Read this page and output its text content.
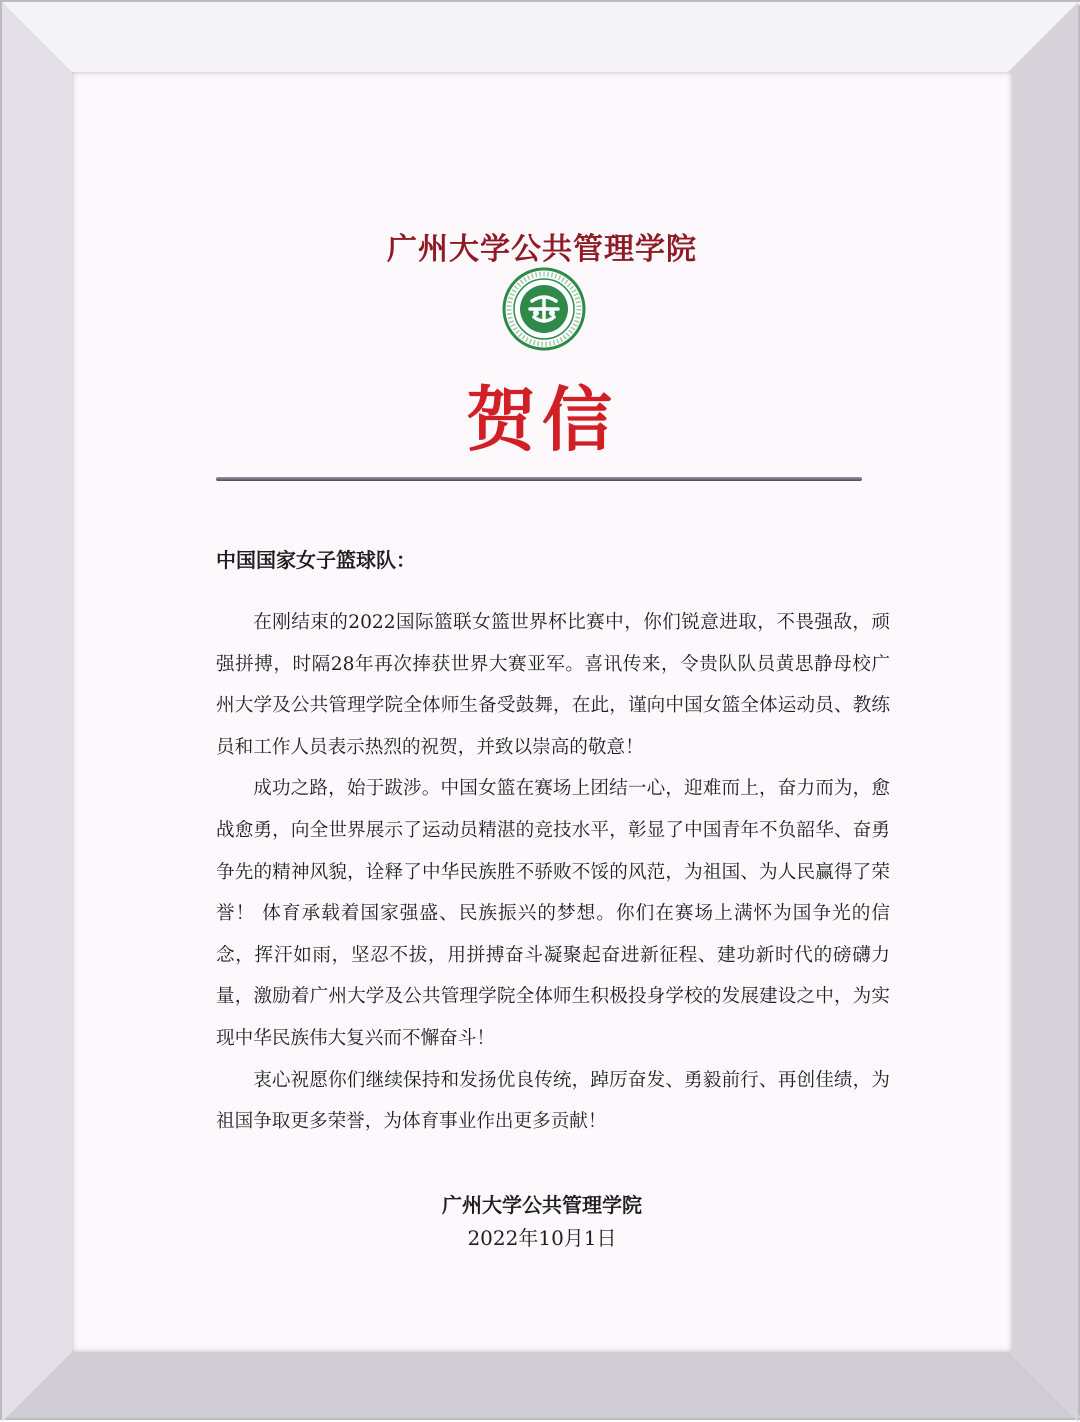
广州大学公共管理学院
贺信
中国国家女子篮球队：

在刚结束的2022国际篮联女篮世界杯比赛中，你们锐意进取，不畏强敌，顽强拼搏，时隔28年再次捧获世界大赛亚军。喜讯传来，令贵队队员黄思静母校广州大学及公共管理学院全体师生备受鼓舞，在此，谨向中国女篮全体运动员、教练员和工作人员表示热烈的祝贺，并致以崇高的敬意！

成功之路，始于跋涉。中国女篮在赛场上团结一心，迎难而上，奋力而为，愈战愈勇，向全世界展示了运动员精湛的竞技水平，彰显了中国青年不负韶华、奋勇争先的精神风貌，诠释了中华民族胜不骄败不馁的风范，为祖国、为人民赢得了荣誉！ 体育承载着国家强盛、民族振兴的梦想。你们在赛场上满怀为国争光的信念，挥汗如雨，坚忍不拔，用拼搏奋斗凝聚起奋进新征程、建功新时代的磅礴力量，激励着广州大学及公共管理学院全体师生积极投身学校的发展建设之中，为实现中华民族伟大复兴而不懈奋斗！

衷心祝愿你们继续保持和发扬优良传统，踔厉奋发、勇毅前行、再创佳绩，为祖国争取更多荣誉，为体育事业作出更多贡献！

广州大学公共管理学院
2022年10月1日
